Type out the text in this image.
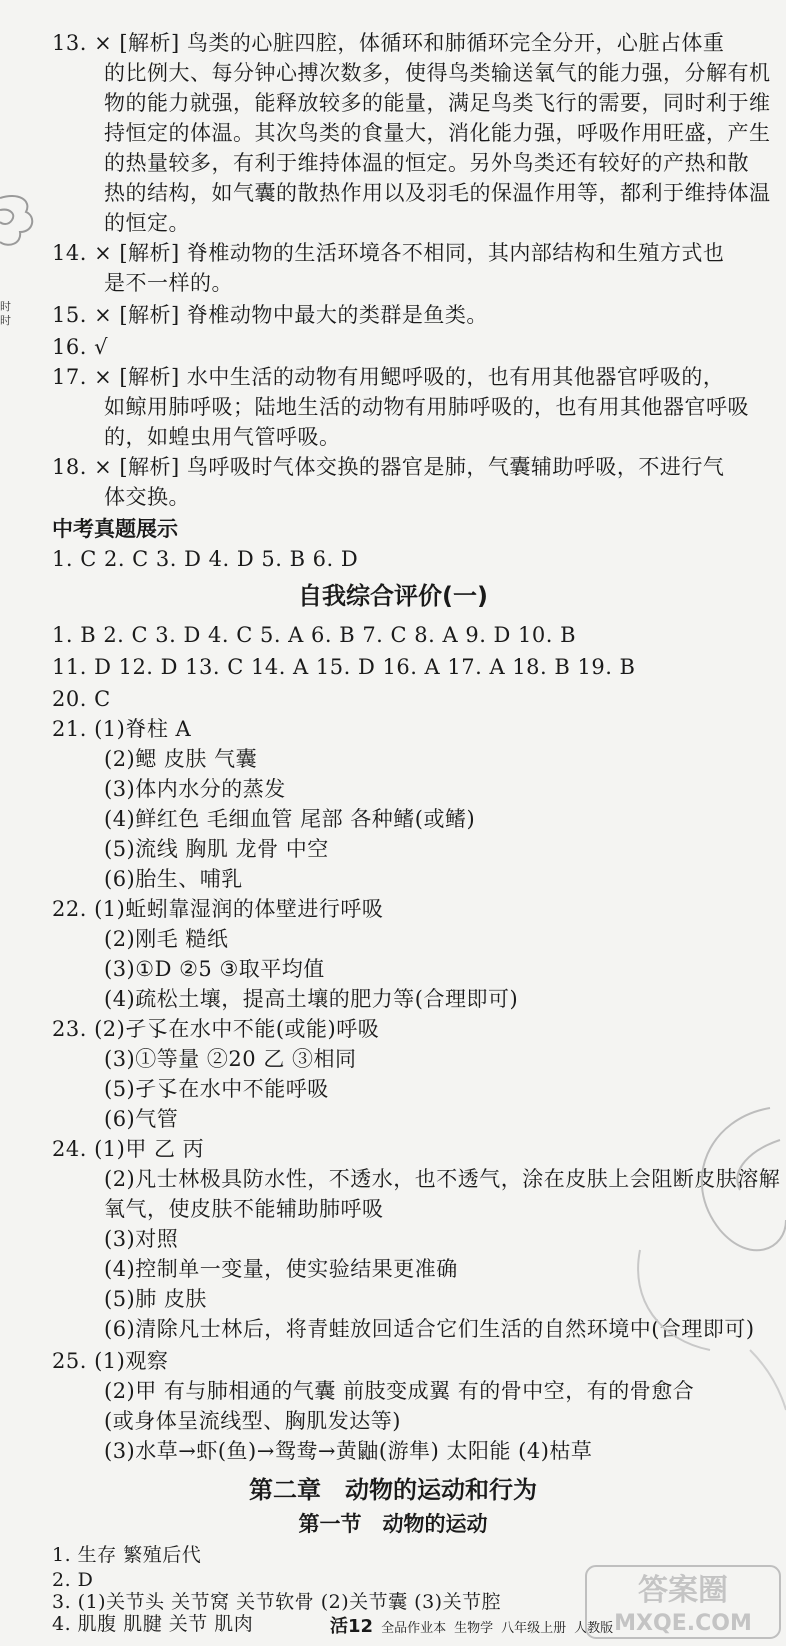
13. × [解析] 鸟类的心脏四腔，体循环和肺循环完全分开，心脏占体重
的比例大、每分钟心搏次数多，使得鸟类输送氧气的能力强，分解有机
物的能力就强，能释放较多的能量，满足鸟类飞行的需要，同时利于维
持恒定的体温。其次鸟类的食量大，消化能力强，呼吸作用旺盛，产生
的热量较多，有利于维持体温的恒定。另外鸟类还有较好的产热和散
热的结构，如气囊的散热作用以及羽毛的保温作用等，都利于维持体温
的恒定。
14. × [解析] 脊椎动物的生活环境各不相同，其内部结构和生殖方式也
是不一样的。
15. × [解析] 脊椎动物中最大的类群是鱼类。
16. √
17. × [解析] 水中生活的动物有用鳃呼吸的，也有用其他器官呼吸的，
如鲸用肺呼吸；陆地生活的动物有用肺呼吸的，也有用其他器官呼吸
的，如蝗虫用气管呼吸。
18. × [解析] 鸟呼吸时气体交换的器官是肺，气囊辅助呼吸，不进行气
体交换。
时
时
中考真题展示
1. C 2. C 3. D 4. D 5. B 6. D
自我综合评价(一)
1. B 2. C 3. D 4. C 5. A 6. B 7. C 8. A 9. D 10. B
11. D 12. D 13. C 14. A 15. D 16. A 17. A 18. B 19. B
20. C
21. (1)脊柱 A
(2)鳃 皮肤 气囊
(3)体内水分的蒸发
(4)鲜红色 毛细血管 尾部 各种鳍(或鳍)
(5)流线 胸肌 龙骨 中空
(6)胎生、哺乳
22. (1)蚯蚓靠湿润的体壁进行呼吸
(2)刚毛 糙纸
(3)①D ②5 ③取平均值
(4)疏松土壤，提高土壤的肥力等(合理即可)
23. (2)孑孓在水中不能(或能)呼吸
(3)①等量 ②20 乙 ③相同
(5)孑孓在水中不能呼吸
(6)气管
24. (1)甲 乙 丙
(2)凡士林极具防水性，不透水，也不透气，涂在皮肤上会阻断皮肤溶解
氧气，使皮肤不能辅助肺呼吸
(3)对照
(4)控制单一变量，使实验结果更准确
(5)肺 皮肤
(6)清除凡士林后，将青蛙放回适合它们生活的自然环境中(合理即可)
25. (1)观察
(2)甲 有与肺相通的气囊 前肢变成翼 有的骨中空，有的骨愈合
(或身体呈流线型、胸肌发达等)
(3)水草→虾(鱼)→鸳鸯→黄鼬(游隼) 太阳能 (4)枯草
第二章　动物的运动和行为
第一节　动物的运动
1. 生存 繁殖后代
2. D
活12 全品作业本 生物学 八年级上册 人教版
答案圈
MXQE.COM
3. (1)关节头 关节窝 关节软骨 (2)关节囊 (3)关节腔
4. 肌腹 肌腱 关节 肌肉
